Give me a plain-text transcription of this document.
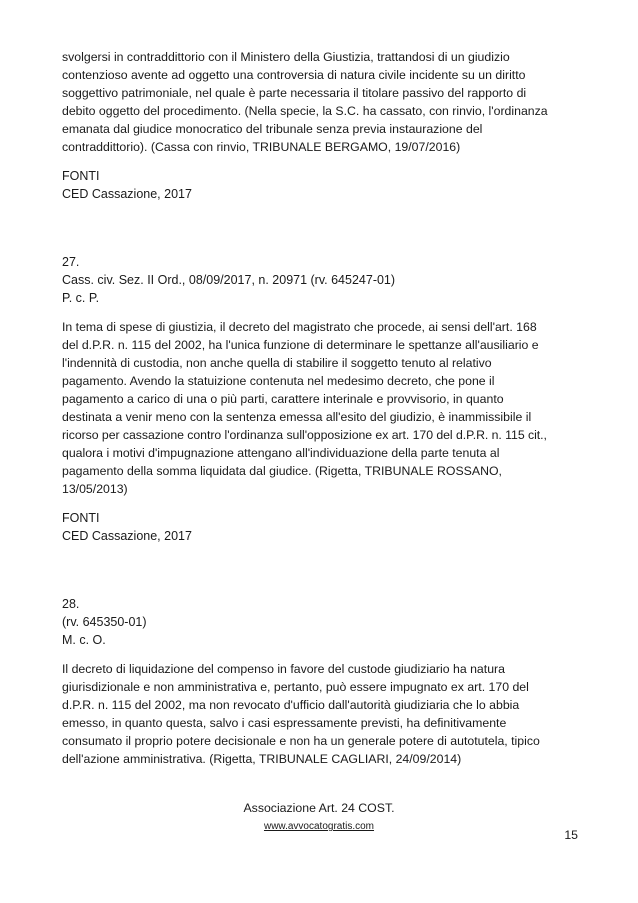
svolgersi in contraddittorio con il Ministero della Giustizia, trattandosi di un giudizio
contenzioso avente ad oggetto una controversia di natura civile incidente su un diritto
soggettivo patrimoniale, nel quale è parte necessaria il titolare passivo del rapporto di
debito oggetto del procedimento. (Nella specie, la S.C. ha cassato, con rinvio, l'ordinanza
emanata dal giudice monocratico del tribunale senza previa instaurazione del
contraddittorio). (Cassa con rinvio, TRIBUNALE BERGAMO, 19/07/2016)
FONTI
CED Cassazione, 2017
27.
Cass. civ. Sez. II Ord., 08/09/2017, n. 20971 (rv. 645247-01)
P. c. P.
In tema di spese di giustizia, il decreto del magistrato che procede, ai sensi dell'art. 168
del d.P.R. n. 115 del 2002, ha l'unica funzione di determinare le spettanze all'ausiliario e
l'indennità di custodia, non anche quella di stabilire il soggetto tenuto al relativo
pagamento. Avendo la statuizione contenuta nel medesimo decreto, che pone il
pagamento a carico di una o più parti, carattere interinale e provvisorio, in quanto
destinata a venir meno con la sentenza emessa all'esito del giudizio, è inammissibile il
ricorso per cassazione contro l'ordinanza sull'opposizione ex art. 170 del d.P.R. n. 115 cit.,
qualora i motivi d'impugnazione attengano all'individuazione della parte tenuta al
pagamento della somma liquidata dal giudice. (Rigetta, TRIBUNALE ROSSANO,
13/05/2013)
FONTI
CED Cassazione, 2017
28.
(rv. 645350-01)
M. c. O.
Il decreto di liquidazione del compenso in favore del custode giudiziario ha natura
giurisdizionale e non amministrativa e, pertanto, può essere impugnato ex art. 170 del
d.P.R. n. 115 del 2002, ma non revocato d'ufficio dall'autorità giudiziaria che lo abbia
emesso, in quanto questa, salvo i casi espressamente previsti, ha definitivamente
consumato il proprio potere decisionale e non ha un generale potere di autotutela, tipico
dell'azione amministrativa. (Rigetta, TRIBUNALE CAGLIARI, 24/09/2014)
Associazione Art. 24 COST.
www.avvocatogratis.com
15
